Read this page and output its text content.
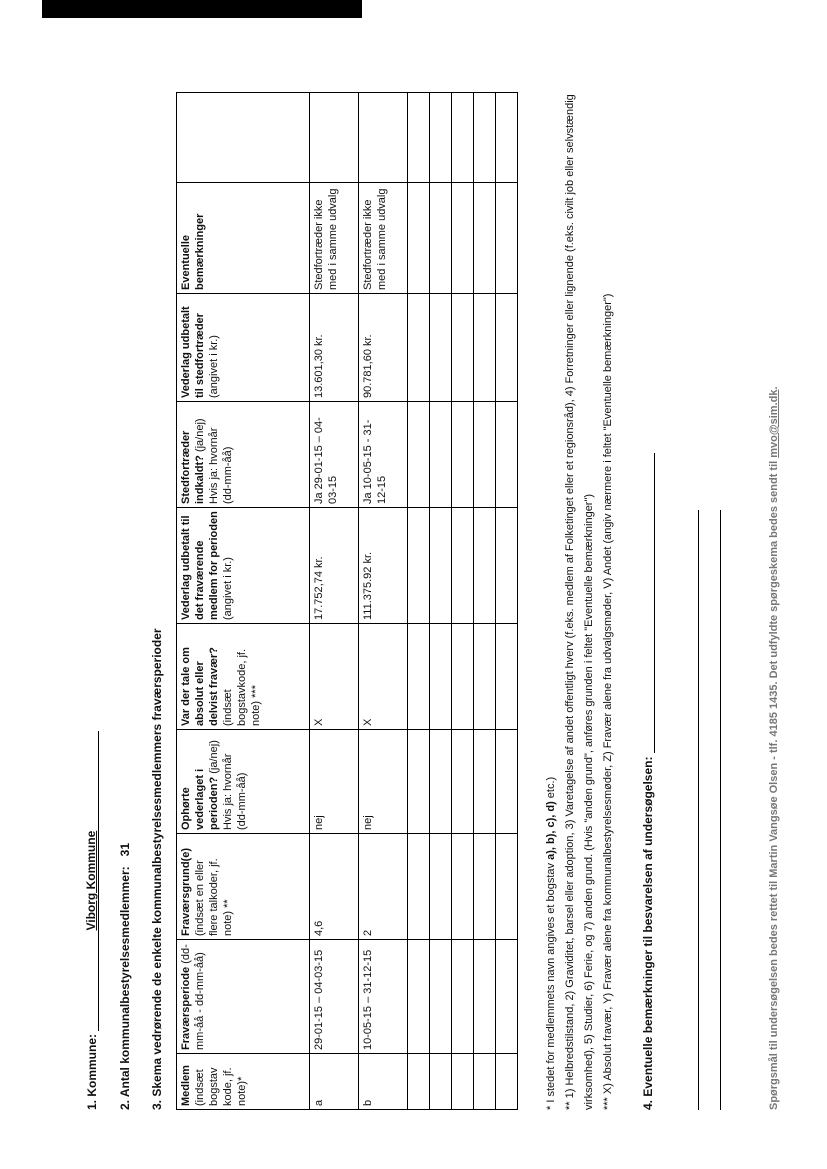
1. Kommune: Viborg Kommune 2. Antal kommunalbestyrelsesmedlemmer:   31 3. Skema vedrørende de enkelte kommunalbestyrelsesmedlemmers fraværsperioder Medlem (indsæt bogstav kode, jf. note)*	Fraværsperiode (dd-mm-åå - dd-mm-åå)	Fraværsgrund(e) (indsæt en eller flere talkoder, jf. note) **	Ophørte vederlaget i perioden? (ja/nej) Hvis ja: hvornår (dd-mm-åå)	Var der tale om absolut eller delvist fravær? (indsæt bogstavkode, jf. note) ***	Vederlag udbetalt til det fraværende medlem for perioden (angivet i kr.)	Stedfortræder indkaldt? (ja/nej) Hvis ja: hvornår (dd-mm-åå)	Vederlag udbetalt til stedfortræder (angivet i kr.)	Eventuelle bemærkninger	
a	29-01-15 – 04-03-15	4,6	nej	X	17.752,74 kr.	Ja 29-01-15 – 04-03-15	13.601,30 kr.	Stedfortræder ikke med i samme udvalg	
b	10-05-15 – 31-12-15	2	nej	X	111.375.92 kr.	Ja 10-05-15 - 31-12-15	90.781,60 kr.	Stedfortræder ikke med i samme udvalg	

* I stedet for medlemmets navn angives et bogstav a), b), c), d) etc.) ** 1) Helbredstilstand, 2) Graviditet, barsel eller adoption, 3) Varetagelse af andet offentligt hverv (f.eks. medlem af Folketinget eller et regionsråd), 4) Forretninger eller lignende (f.eks. civilt job eller selvstændig virksomhed), 5) Studier, 6) Ferie, og 7) anden grund. (Hvis "anden grund", anføres grunden i feltet "Eventuelle bemærkninger") *** X) Absolut fravær, Y) Fravær alene fra kommunalbestyrelsesmøder, Z) Fravær alene fra udvalgsmøder, V) Andet (angiv nærmere i feltet "Eventuelle bemærkninger")	4. Eventuelle bemærkninger til besvarelsen af undersøgelsen:	Spørgsmål til undersøgelsen bedes rettet til Martin Vangsøe Olsen - tlf. 4185 1435. Det udfyldte spørgeskema bedes sendt til mvo@sim.dk.
